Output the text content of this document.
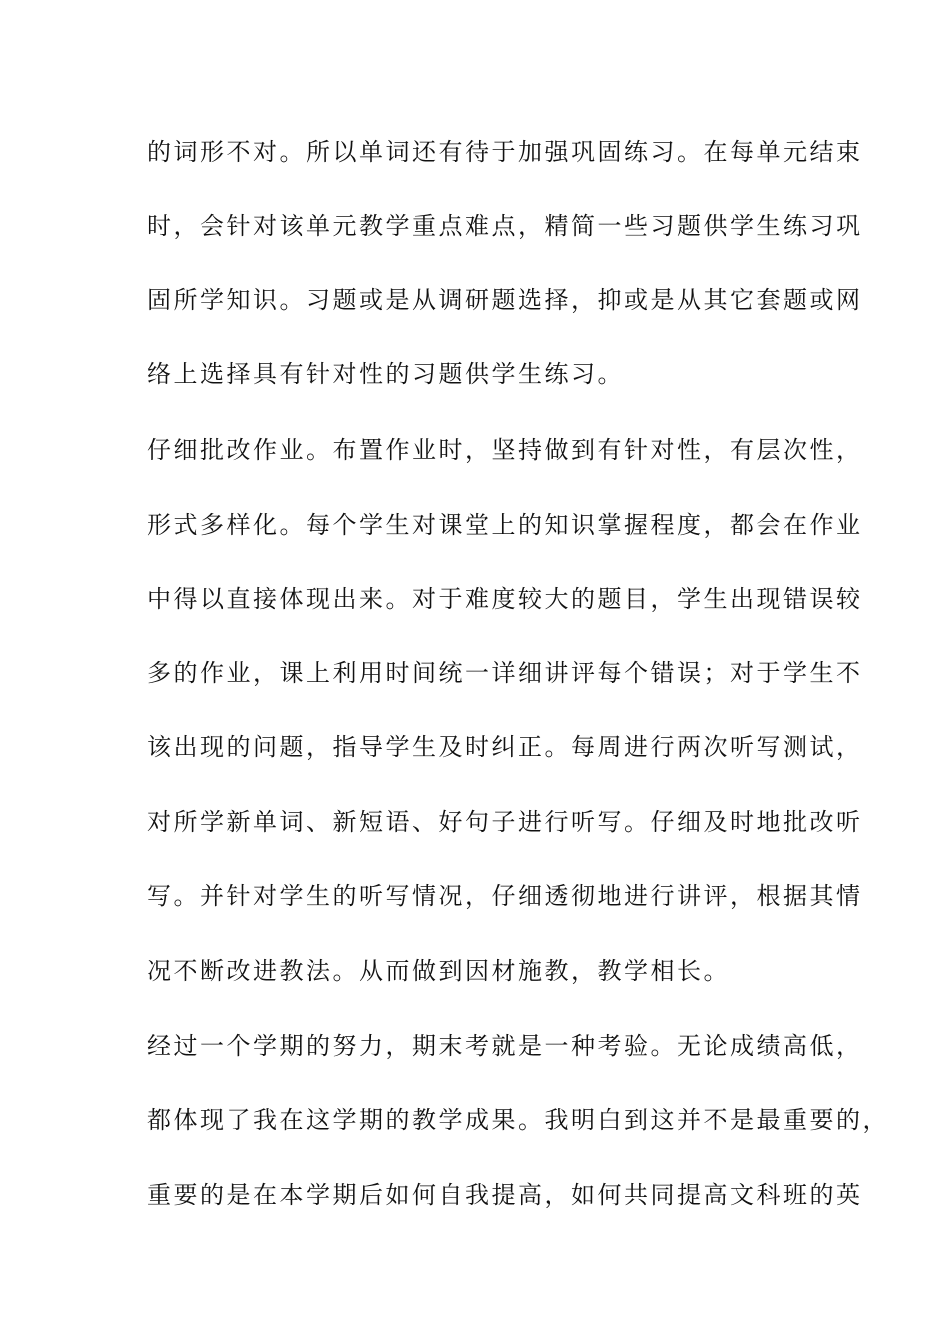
的词形不对。所以单词还有待于加强巩固练习。在每单元结束
时，会针对该单元教学重点难点，精简一些习题供学生练习巩
固所学知识。习题或是从调研题选择，抑或是从其它套题或网
络上选择具有针对性的习题供学生练习。
仔细批改作业。布置作业时，坚持做到有针对性，有层次性，
形式多样化。每个学生对课堂上的知识掌握程度，都会在作业
中得以直接体现出来。对于难度较大的题目，学生出现错误较
多的作业，课上利用时间统一详细讲评每个错误；对于学生不
该出现的问题，指导学生及时纠正。每周进行两次听写测试，
对所学新单词、新短语、好句子进行听写。仔细及时地批改听
写。并针对学生的听写情况，仔细透彻地进行讲评，根据其情
况不断改进教法。从而做到因材施教，教学相长。
经过一个学期的努力，期末考就是一种考验。无论成绩高低，
都体现了我在这学期的教学成果。我明白到这并不是最重要的，
重要的是在本学期后如何自我提高，如何共同提高文科班的英
